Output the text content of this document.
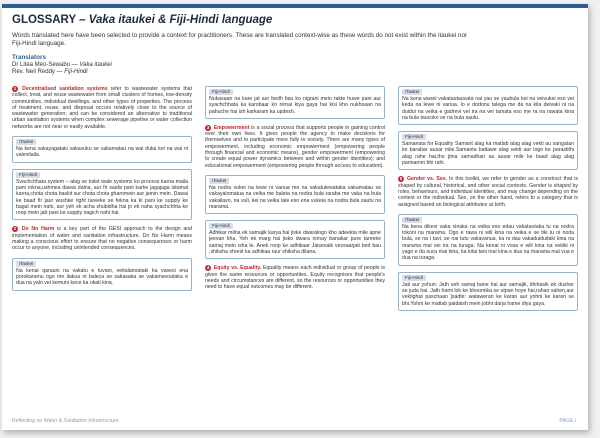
GLOSSARY – Vaka itaukei & Fiji-Hindi language
Words translated here have been selected to provide a context for practitioners. These are translated context-wise as these words do not exist within the itaukei nor Fiji-Hindi language.
Translators
Dr Litea Meo-Sewabu — Vaka itaukei
Rev. Neil Reddy — Fiji-Hindi
1 Decentralised sanitation systems refer to wastewater systems that collect, treat, and reuse wastewater from small clusters of homes, low-density communities, individual dwellings, and other types of properties. The process of treatment, reuse, and disposal occurs relatively close to the source of wastewater generation; and can be considered an alternative to traditional urban sanitation systems when complex sewerage pipeline or water collection networks are not near or easily available.
iTaukei
Na kena vakayagataki vakavuku se vakamatau na wai duka kei na wai ni valenilaila.
Fiji-Hindi
Svachchhata system – alag se toilet wale systems ko process karna maila pani rokna,ushmea dawai dalna, aur fir saafa pani karke jagajaga istamal karna,chota chota baskit sur chota chota gharomein aur jamin mein. Dawai ke baad fir jaur wushke right tareeke se fekna ka ki pani ke supply ke bagal mein nahi, aur yeh ek acha shubidha hai jo ek naha syachchhta ke roop mein jab pani ke supply nagich nahi hai.
2 Do No Harm is a key part of the GESI approach to the design and implementation of water and sanitation infrastructure. Do No Harm means making a conscious effort to ensure that no negative consequences or harm occur to anyone, including unintended consequences.
iTaukei
Na kenai qarauni na vakatu e tuvani, veitalanoataki ka vasesi ena porokaramu ogo me ilakua ni baleca se sakasaka se vakamavoataka e dua na yalo vei kemuni kece ka okati kina.
Fiji-Hindi
Nukasaan na kare jat aur bedh bau ko nigrani mein rakte huwe pani aur syachchhata ka karobaar ko nirnai kiya gaya hai kisi kho nukhsaan na pahuche hai ish karkaram ka updesh.
3 Empowerment is a social process that supports people in gaining control over their own lives. It gives people the agency to make decisions for themselves and to participate more fully in society. There are many types of empowerment, including economic empowerment (empowering people through financial and economic means), gender empowerment (empowering to create equal power dynamics between and within gender identities); and educational empowerment (empowering people through access to education).
iTaukei
Na nodra vukei na lewe ni vanua me na vakatulewataka vakamatau se vakayalomatua na veika me baleta na nodra bula raraba me vaka na bula vakailavo, na vuli, kei na veika tale eso ena vukeia na nodra bula sautu na marama.
Fiji-Hindi
Adhikar milna ek samajik karya hai jiske dwaralogo kho adeekta mile apne jeevan kha. Yeh ek marg hai jisko dwara nirnay banakar pure tareeke samaj mein isha le. Anek roop ke adhikaar Jaisesaik vevsaarjati bed bau ,shiksha shrest ka adhikaa raur shiksha dilana.
4 Equity vs. Equality. Equality means each individual or group of people is given the same resources or opportunities. Equity recognises that people's needs and circumstances are different, so the resources or opportunities they need to have equal outcomes may be different.
iTaukei
Na kena wasei vakatautauvata nai yau se yaubula kei na veivukei eso vei keda na lewe ni vanua. Io e dodonu talega me da na kila deivaki ni na duidui na veika e gadrevi vei ira na vei tamata eso me ra na rawata kina na bula taucoko se na bula sautu.
Fiji-Hindi
Samanata for Equality Samant alag ka matlab alag alag vekti au sangatan ke barabar ausar mile.Samanta batlawe alag vekti aur logo ke parastithi alag rahe hai,tho jitna samadhan au ausar mile ke baad alag alag parinamm bhi rahi.
5 Gender vs. Sex. In this toolkit, we refer to gender as a construct that is shaped by cultural, historical, and other social contexts. Gender is shaped by roles, behaviours, and individual identities, and may change depending on the context or the individual. Sex, on the other hand, refers to a category that is assigned based on biological attributes at birth.
iTaukei
Na kena dikevi vaka vinaka na veika eso edau vakatautaka tu na nodra tokoni na marama. Ogo e rawa ni wili kina na veika e se tiki tu ni noda bula, se na i tavi, se nai tutu vakavanua, ka ni dau vakaduiduitaki kina na marama mai vei ira na turaga. Na kenai ni vosa e wili kina na veitiki ni yago e da sucu mai kina, ka kilai tani mai kina e dua na marama mai vua e dua na turaga.
Fiji-Hindi
Jati aur yohun: Jath seh samaj bane hai aur samajik, ithihasik ek dusher se juda hai. Jath hami lok ke bhoomika se utpan hoye hai,rahan sahen,aur vektighat paschaan ]sadte: wataweran ke karan aur yohni ke karan se bhi.Yohni ke matlab paidaish mein jobhi darja hame diya gaya.
Reflecting on Water & Sanitation Infrastructure	PAGE i
